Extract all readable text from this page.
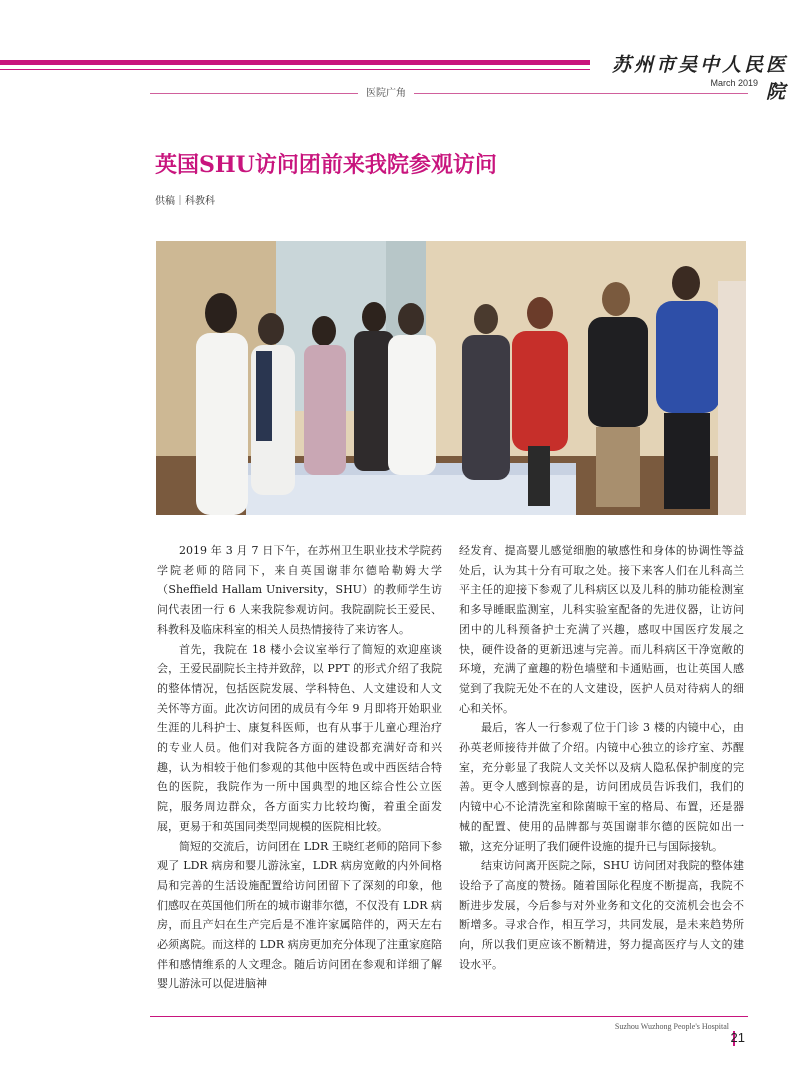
苏州市吴中人民医院
March 2019
医院广角
英国SHU访问团前来我院参观访问
供稿｜科教科

2019 年 3 月 7 日下午，在苏州卫生职业技术学院药学院老师的陪同下，来自英国谢菲尔德哈勒姆大学（Sheffield Hallam University，SHU）的教师学生访问代表团一行 6 人来我院参观访问。我院副院长王爱民、科教科及临床科室的相关人员热情接待了来访客人。

首先，我院在 18 楼小会议室举行了简短的欢迎座谈会，王爱民副院长主持并致辞，以 PPT 的形式介绍了我院的整体情况，包括医院发展、学科特色、人文建设和人文关怀等方面。此次访问团的成员有今年 9 月即将开始职业生涯的儿科护士、康复科医师，也有从事于儿童心理治疗的专业人员。他们对我院各方面的建设都充满好奇和兴趣，认为相较于他们参观的其他中医特色或中西医结合特色的医院，我院作为一所中国典型的地区综合性公立医院，服务周边群众，各方面实力比较均衡，着重全面发展，更易于和英国同类型同规模的医院相比较。

简短的交流后，访问团在 LDR 王晓红老师的陪同下参观了 LDR 病房和婴儿游泳室，LDR 病房宽敞的内外间格局和完善的生活设施配置给访问团留下了深刻的印象，他们感叹在英国他们所在的城市谢菲尔德，不仅没有 LDR 病房，而且产妇在生产完后是不准许家属陪伴的，两天左右必须离院。而这样的 LDR 病房更加充分体现了注重家庭陪伴和感情维系的人文理念。随后访问团在参观和详细了解婴儿游泳可以促进脑神

经发育、提高婴儿感觉细胞的敏感性和身体的协调性等益处后，认为其十分有可取之处。接下来客人们在儿科高兰平主任的迎接下参观了儿科病区以及儿科的肺功能检测室和多导睡眠监测室，儿科实验室配备的先进仪器，让访问团中的儿科预备护士充满了兴趣，感叹中国医疗发展之快，硬件设备的更新迅速与完善。而儿科病区干净宽敞的环境，充满了童趣的粉色墙壁和卡通贴画，也让英国人感觉到了我院无处不在的人文建设，医护人员对待病人的细心和关怀。

最后，客人一行参观了位于门诊 3 楼的内镜中心，由孙英老师接待并做了介绍。内镜中心独立的诊疗室、苏醒室，充分彰显了我院人文关怀以及病人隐私保护制度的完善。更令人感到惊喜的是，访问团成员告诉我们，我们的内镜中心不论清洗室和除菌晾干室的格局、布置，还是器械的配置、使用的品牌都与英国谢菲尔德的医院如出一辙，这充分证明了我们硬件设施的提升已与国际接轨。

结束访问离开医院之际，SHU 访问团对我院的整体建设给予了高度的赞扬。随着国际化程度不断提高，我院不断进步发展，今后参与对外业务和文化的交流机会也会不断增多。寻求合作，相互学习，共同发展，是未来趋势所向，所以我们更应该不断精进，努力提高医疗与人文的建设水平。

Suzhou Wuzhong People's Hospital
21
